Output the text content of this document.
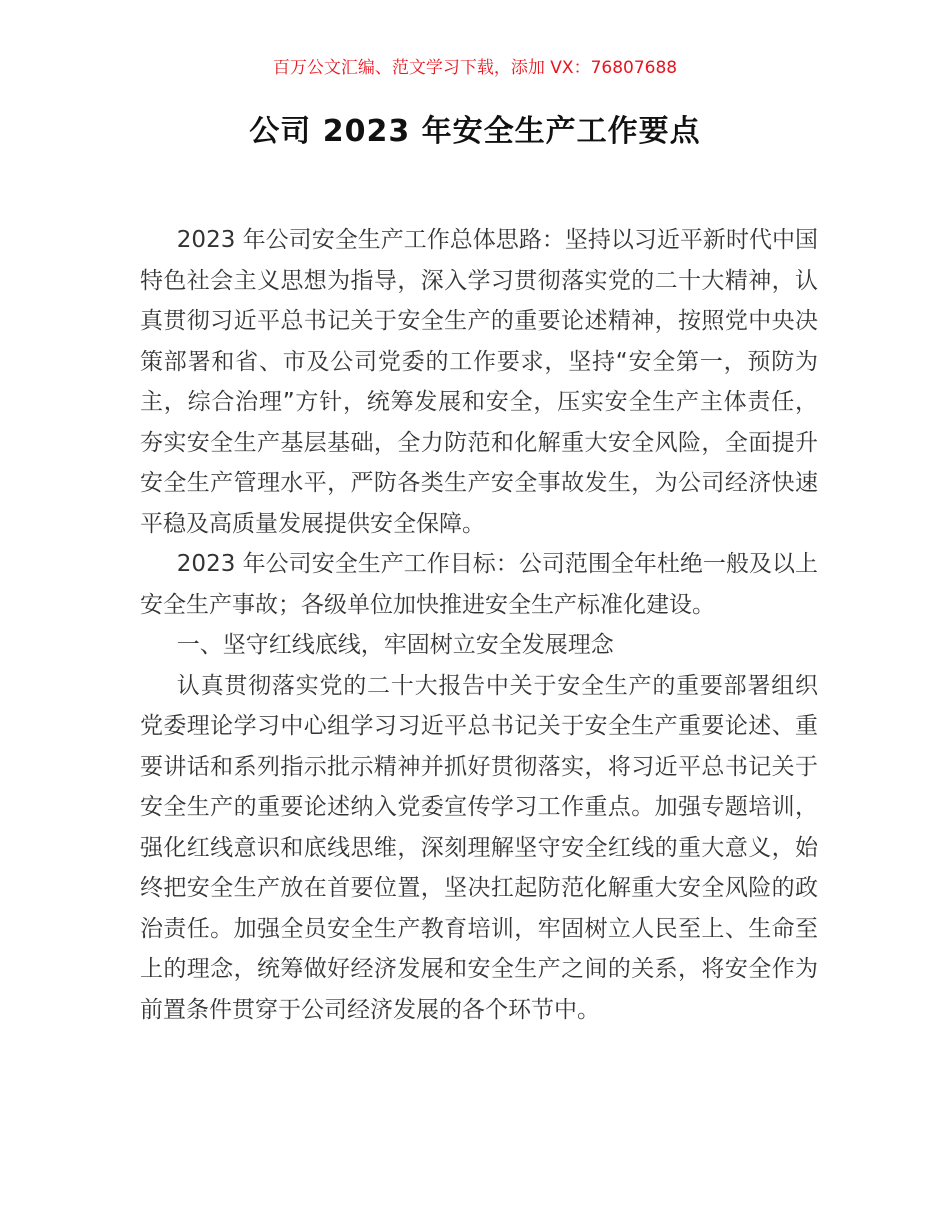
百万公文汇编、范文学习下载，添加 VX：76807688
公司 2023 年安全生产工作要点

2023 年公司安全生产工作总体思路：坚持以习近平新时代中国特色社会主义思想为指导，深入学习贯彻落实党的二十大精神，认真贯彻习近平总书记关于安全生产的重要论述精神，按照党中央决策部署和省、市及公司党委的工作要求，坚持“安全第一，预防为主，综合治理”方针，统筹发展和安全，压实安全生产主体责任，夯实安全生产基层基础，全力防范和化解重大安全风险，全面提升安全生产管理水平，严防各类生产安全事故发生，为公司经济快速平稳及高质量发展提供安全保障。

2023 年公司安全生产工作目标：公司范围全年杜绝一般及以上安全生产事故；各级单位加快推进安全生产标准化建设。

一、坚守红线底线，牢固树立安全发展理念

认真贯彻落实党的二十大报告中关于安全生产的重要部署组织党委理论学习中心组学习习近平总书记关于安全生产重要论述、重要讲话和系列指示批示精神并抓好贯彻落实，将习近平总书记关于安全生产的重要论述纳入党委宣传学习工作重点。加强专题培训，强化红线意识和底线思维，深刻理解坚守安全红线的重大意义，始终把安全生产放在首要位置，坚决扛起防范化解重大安全风险的政治责任。加强全员安全生产教育培训，牢固树立人民至上、生命至上的理念，统筹做好经济发展和安全生产之间的关系，将安全作为前置条件贯穿于公司经济发展的各个环节中。
